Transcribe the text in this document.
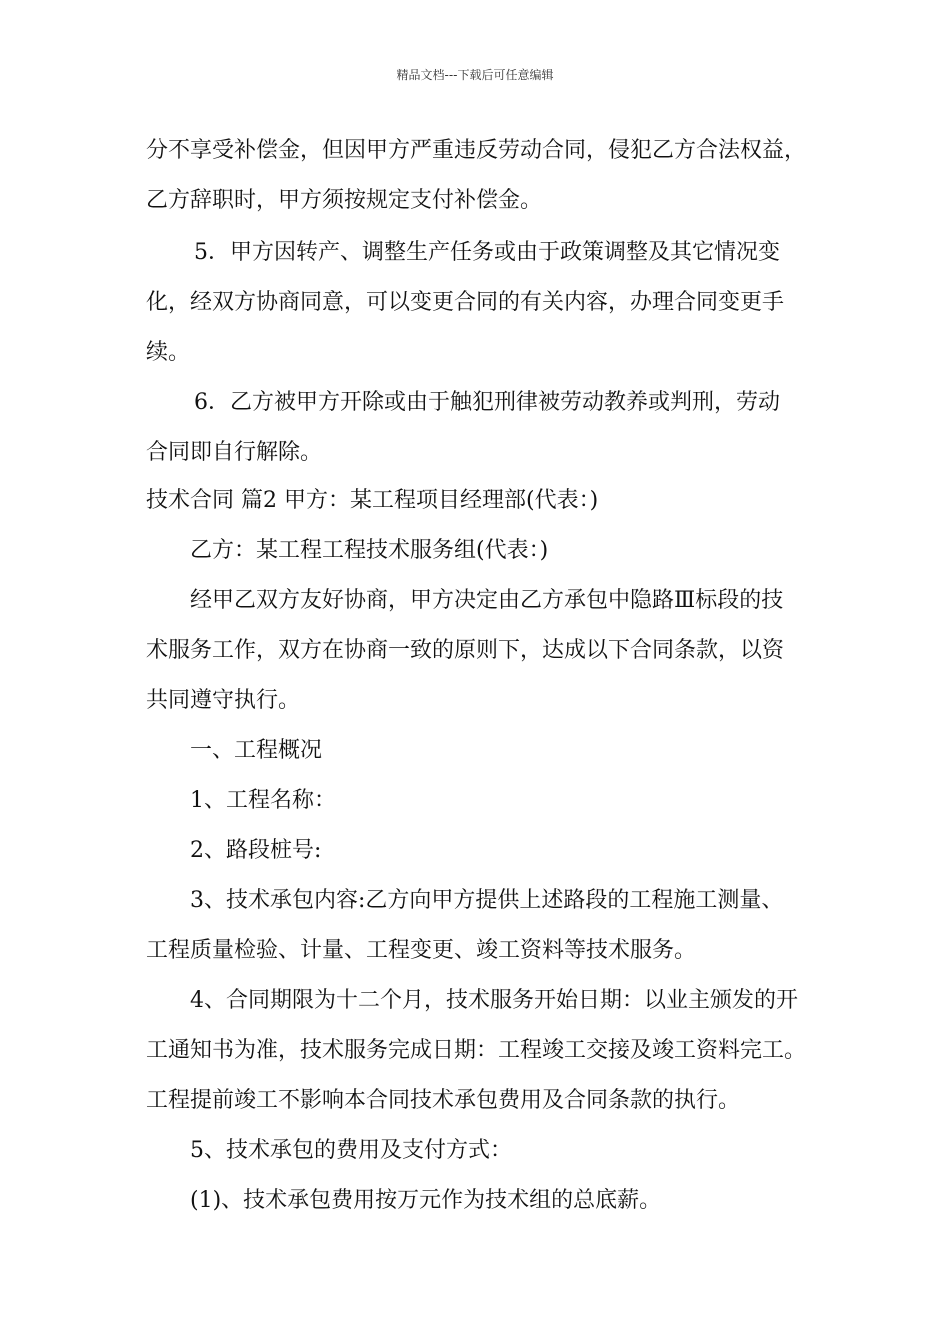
精品文档---下载后可任意编辑
分不享受补偿金，但因甲方严重违反劳动合同，侵犯乙方合法权益，
乙方辞职时，甲方须按规定支付补偿金。
5．甲方因转产、调整生产任务或由于政策调整及其它情况变
化，经双方协商同意，可以变更合同的有关内容，办理合同变更手
续。
6．乙方被甲方开除或由于触犯刑律被劳动教养或判刑，劳动
合同即自行解除。
技术合同 篇2 甲方：某工程项目经理部(代表：)
乙方：某工程工程技术服务组(代表：)
经甲乙双方友好协商，甲方决定由乙方承包中隐路Ⅲ标段的技
术服务工作，双方在协商一致的原则下，达成以下合同条款，以资
共同遵守执行。
一、工程概况
1、工程名称：
2、路段桩号:
3、技术承包内容:乙方向甲方提供上述路段的工程施工测量、
工程质量检验、计量、工程变更、竣工资料等技术服务。
4、合同期限为十二个月，技术服务开始日期：以业主颁发的开
工通知书为准，技术服务完成日期：工程竣工交接及竣工资料完工。
工程提前竣工不影响本合同技术承包费用及合同条款的执行。
5、技术承包的费用及支付方式：
(1)、技术承包费用按万元作为技术组的总底薪。
